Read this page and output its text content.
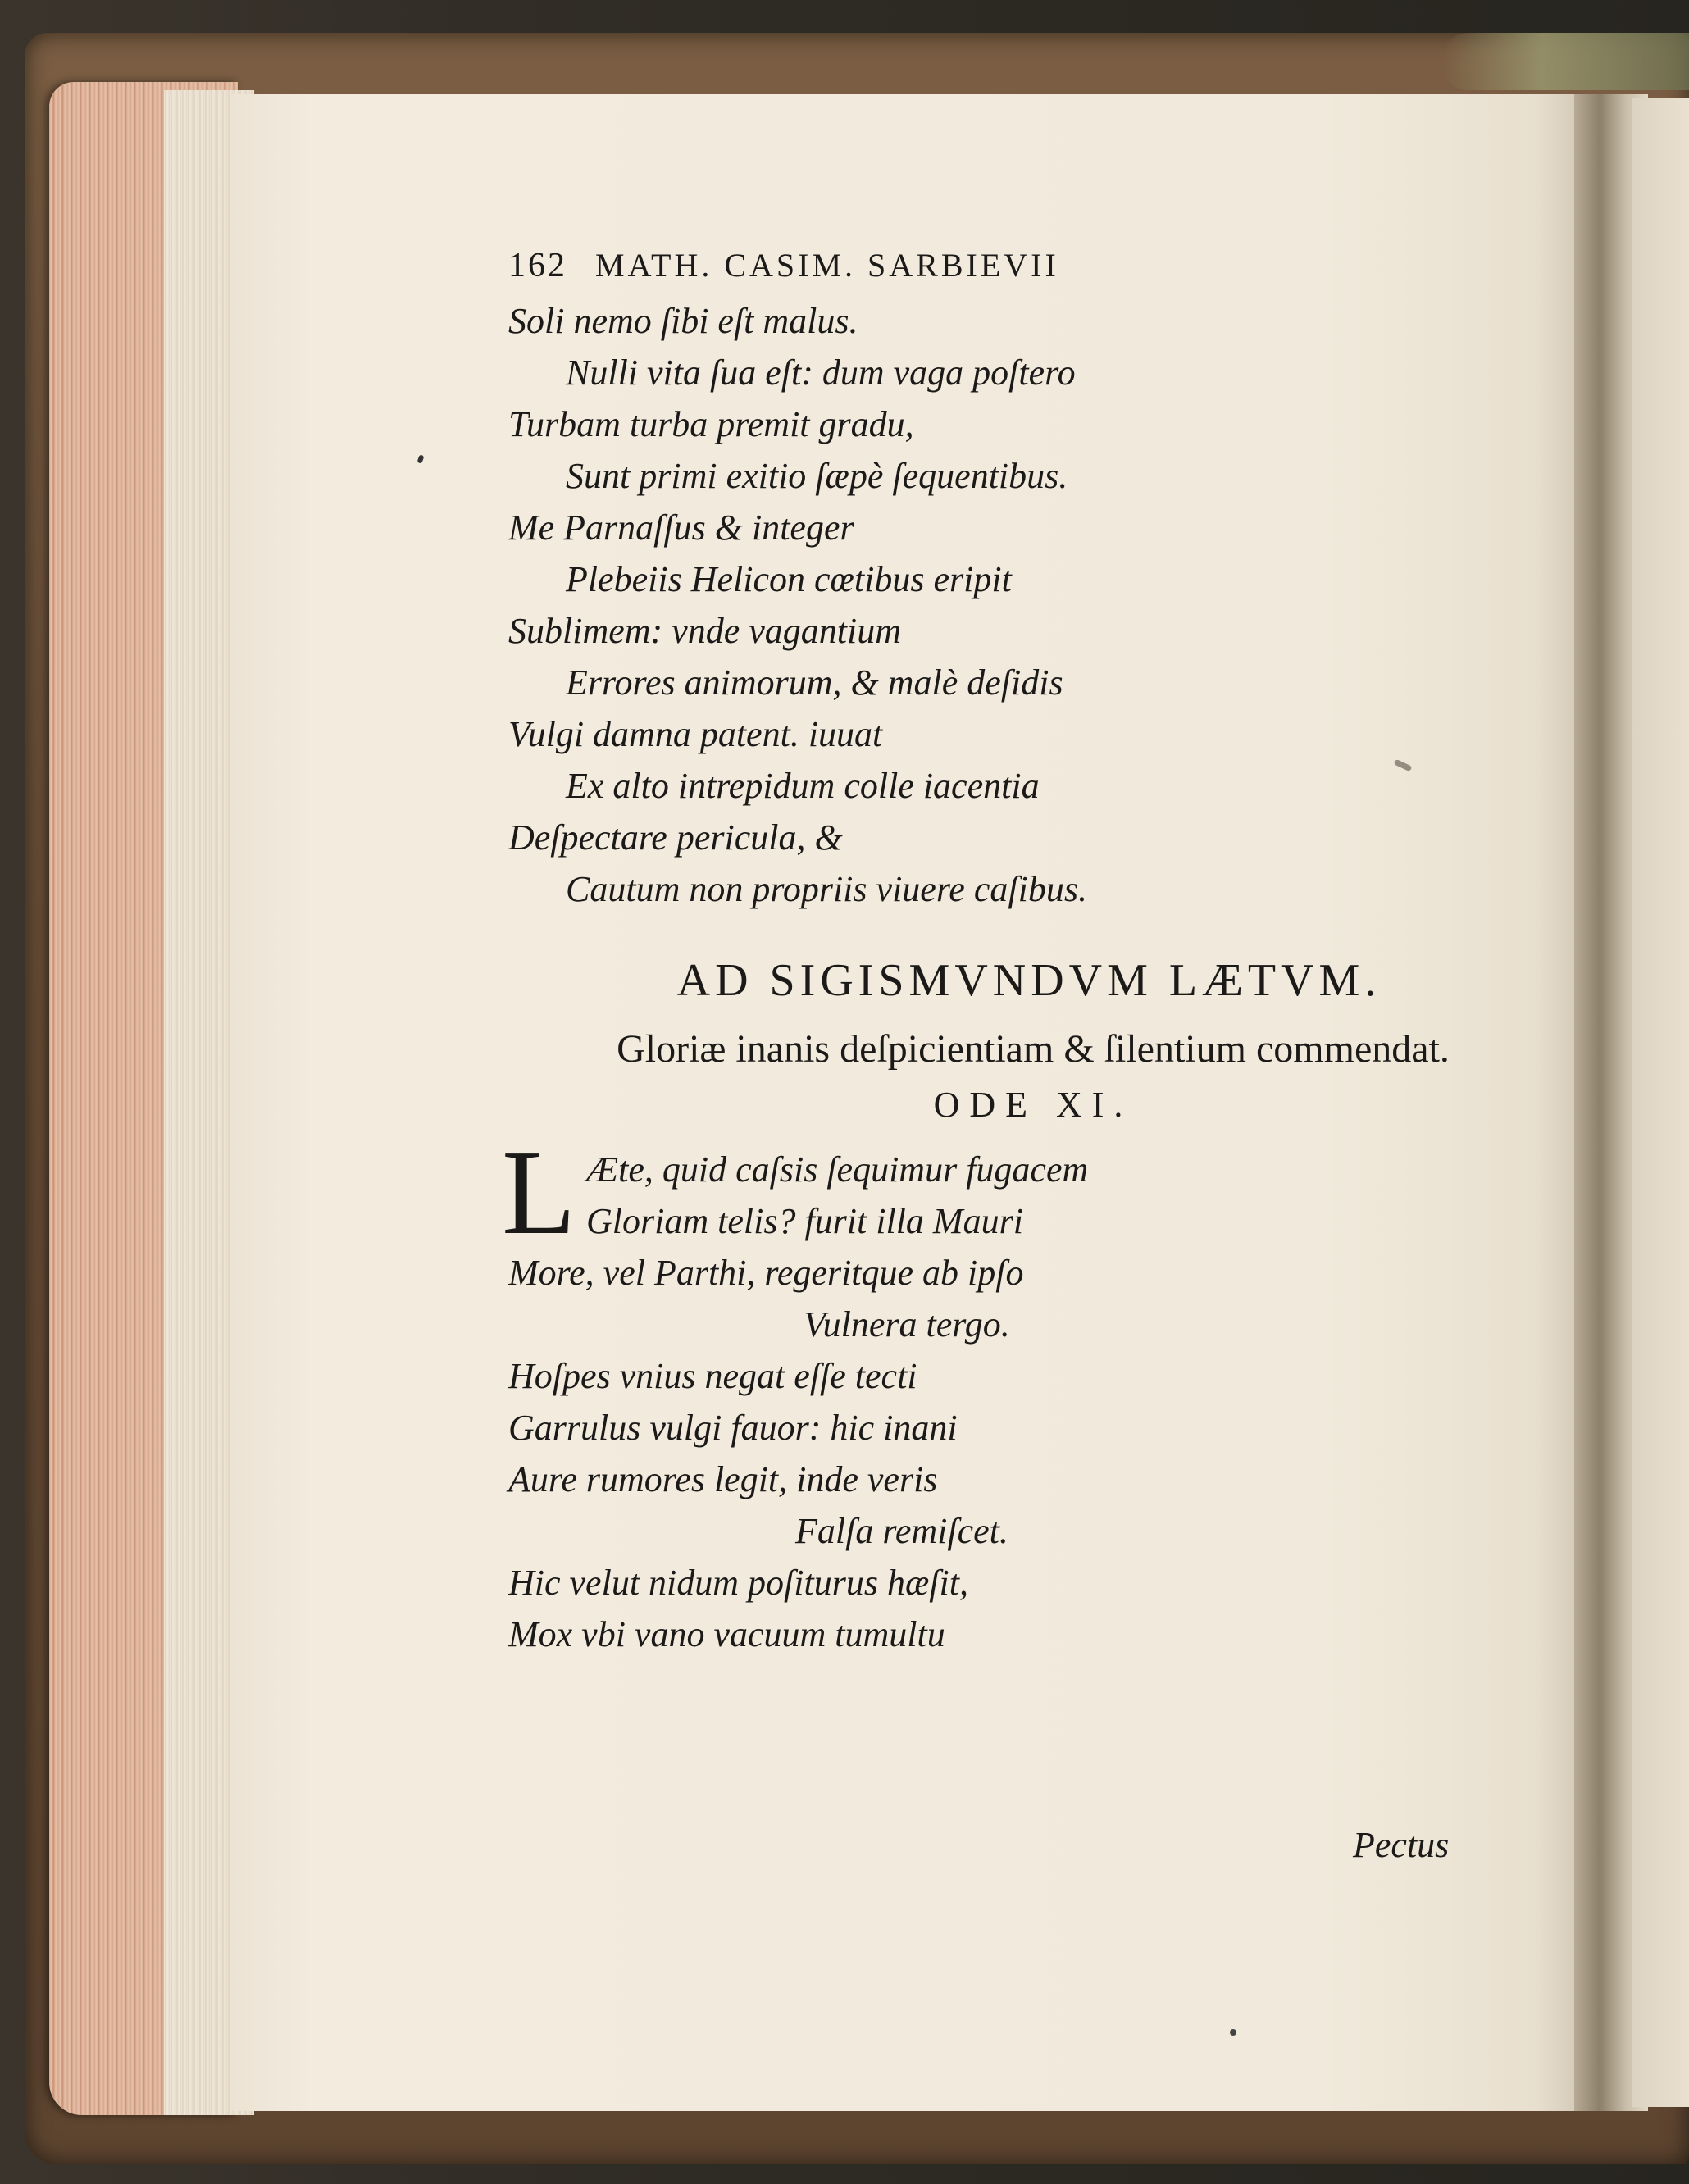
162 MATH. CASIM. SARBIEVII
Soli nemo ſibi eſt malus.
Nulli vita ſua eſt: dum vaga poſtero
Turbam turba premit gradu,
Sunt primi exitio ſæpè ſequentibus.
Me Parnaſſus & integer
Plebeiis Helicon cœtibus eripit
Sublimem: vnde vagantium
Errores animorum, & malè deſidis
Vulgi damna patent. iuuat
Ex alto intrepidum colle iacentia
Deſpectare pericula, &
Cautum non propriis viuere caſibus.
AD SIGISMVNDVM LÆTVM.
Gloriæ inanis deſpicientiam & ſilentium commendat.
ODE XI.
L Æte, quid caſsis ſequimur fugacem
Gloriam telis? furit illa Mauri
More, vel Parthi, regeritque ab ipſo
Vulnera tergo.
Hoſpes vnius negat eſſe tecti
Garrulus vulgi fauor: hic inani
Aure rumores legit, inde veris
Falſa remiſcet.
Hic velut nidum poſiturus hæſit,
Mox vbi vano vacuum tumultu
Pectus
